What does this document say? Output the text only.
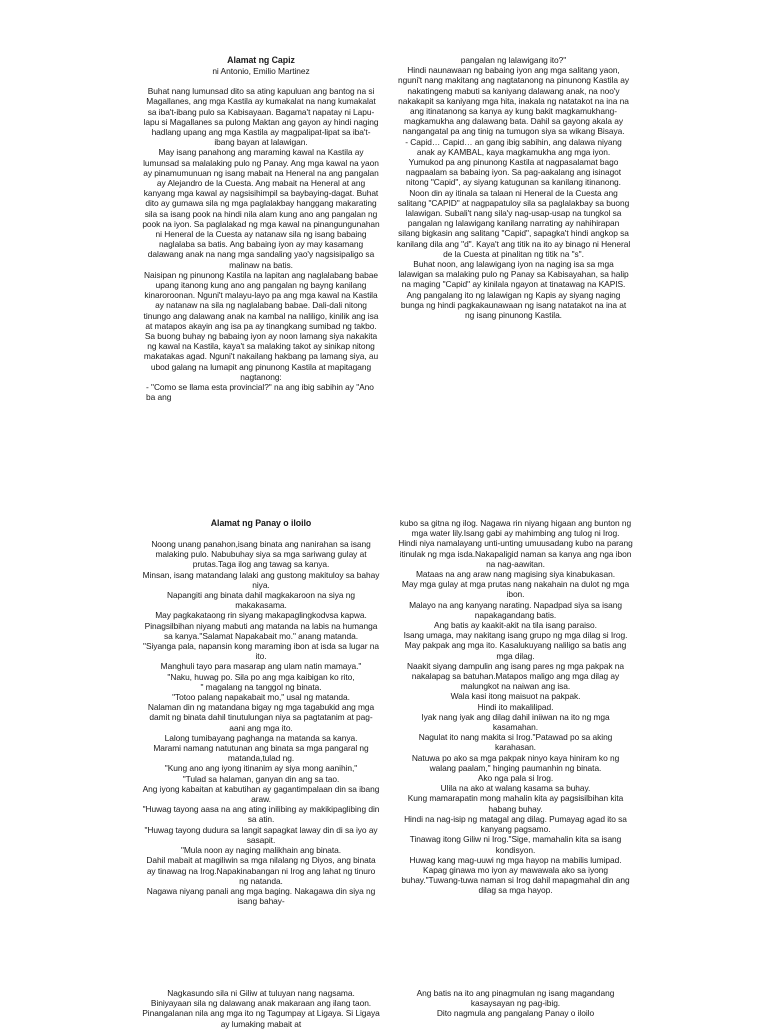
Alamat ng Capiz

ni Antonio, Emilio Martinez

Buhat nang lumunsad dito sa ating kapuluan ang bantog na si Magallanes, ang mga Kastila ay kumakalat na nang kumakalat sa iba't-ibang pulo sa Kabisayaan. Bagama't napatay ni Lapu-lapu si Magallanes sa pulong Maktan ang gayon ay hindi naging hadlang upang ang mga Kastila ay magpalipat-lipat sa iba't-ibang bayan at lalawigan.

May isang panahong ang maraming kawal na Kastila ay lumunsad sa malalaking pulo ng Panay. Ang mga kawal na yaon ay pinamumunuan ng isang mabait na Heneral na ang pangalan ay Alejandro de la Cuesta. Ang mabait na Heneral at ang kanyang mga kawal ay nagsisihimpil sa baybaying-dagat. Buhat dito ay gumawa sila ng mga paglalakbay hanggang makarating sila sa isang pook na hindi nila alam kung ano ang pangalan ng pook na iyon. Sa paglalakad ng mga kawal na pinangungunahan ni Heneral de la Cuesta ay natanaw sila ng isang babaing naglalaba sa batis. Ang babaing iyon ay may kasamang dalawang anak na nang mga sandaling yao'y nagsisipaligo sa malinaw na batis.

Naisipan ng pinunong Kastila na lapitan ang naglalabang babae upang itanong kung ano ang pangalan ng bayng kanilang kinaroroonan. Nguni't malayu-layo pa ang mga kawal na Kastila ay natanaw na sila ng naglalabang babae. Dali-dali nitong tinungo ang dalawang anak na kambal na naliligo, kinilik ang isa at matapos akayin ang isa pa ay tinangkang sumibad ng takbo. Sa buong buhay ng babaing iyon ay noon lamang siya nakakita ng kawal na Kastila, kaya't sa malaking takot ay sinikap nitong makatakas agad. Nguni't nakailang hakbang pa lamang siya, au ubod galang na lumapit ang pinunong Kastila at mapitagang nagtanong:

- "Como se llama esta provincial?" na ang ibig sabihin ay "Ano ba ang

pangalan ng lalawigang ito?"

Hindi naunawaan ng babaing iyon ang mga salitang yaon, nguni't nang makitang ang nagtatanong na pinunong Kastila ay nakatingeng mabuti sa kaniyang dalawang anak, na noo'y nakakapit sa kaniyang mga hita, inakala ng natatakot na ina na ang itinatanong sa kanya ay kung bakit magkamukhang-magkamukha ang dalawang bata. Dahil sa gayong akala ay nangangatal pa ang tinig na tumugon siya sa wikang Bisaya.

- Capid… Capid… an gang ibig sabihin, ang dalawa niyang anak ay KAMBAL, kaya magkamukha ang mga iyon.

Yumukod pa ang pinunong Kastila at nagpasalamat bago nagpaalam sa babaing iyon. Sa pag-aakalang ang isinagot nitong "Capid", ay siyang katugunan sa kanilang itinanong.

Noon din ay itinala sa talaan ni Heneral de la Cuesta ang salitang "CAPID" at nagpapatuloy sila sa paglalakbay sa buong lalawigan. Subali't nang sila'y nag-usap-usap na tungkol sa pangalan ng lalawigang kanilang narrating ay nahihirapan silang bigkasin ang salitang "Capid", sapagka't hindi angkop sa kanilang dila ang "d". Kaya't ang titik na ito ay binago ni Heneral de la Cuesta at pinalitan ng titik na "s".

Buhat noon, ang lalawigang iyon na naging isa sa mga lalawigan sa malaking pulo ng Panay sa Kabisayahan, sa halip na maging "Capid" ay kinilala ngayon at tinatawag na KAPIS. Ang pangalang ito ng lalawigan ng Kapis ay siyang naging bunga ng hindi pagkakaunawaan ng isang natatakot na ina at ng isang pinunong Kastila.

Alamat ng Panay o iloilo

Noong unang panahon,isang binata ang nanirahan sa isang malaking pulo. Nabubuhay siya sa mga sariwang gulay at prutas.Taga ilog ang tawag sa kanya.

Minsan, isang matandang lalaki ang gustong makituloy sa bahay niya.

Napangiti ang binata dahil magkakaroon na siya ng makakasama.

May pagkakataong rin siyang makapaglingkodvsa kapwa. Pinagsilbihan niyang mabuti ang matanda na labis na humanga sa kanya."Salamat Napakabait mo." anang matanda.

"Siyanga pala, napansin kong maraming ibon at isda sa lugar na ito.

Manghuli tayo para masarap ang ulam natin mamaya."

"Naku, huwag po. Sila po ang mga kaibigan ko rito,

" magalang na tanggol ng binata.

"Totoo palang napakabait mo," usal ng matanda.

Nalaman din ng matandana bigay ng mga tagabukid ang mga damit ng binata dahil tinutulungan niya sa pagtatanim at pag-aani ang mga ito.

Lalong tumibayang paghanga na matanda sa kanya.

Marami namang natutunan ang binata sa mga pangaral ng matanda,tulad ng.

"Kung ano ang iyong itinanim ay siya mong aanihin,"

"Tulad sa halaman, ganyan din ang sa tao.

Ang iyong kabaitan at kabutihan ay gagantimpalaan din sa ibang araw.

"Huwag tayong aasa na ang ating inilibing ay makikipaglibing din sa atin.

"Huwag tayong dudura sa langit sapagkat laway din di sa iyo ay sasapit.

"Mula noon ay naging malikhain ang binata.

Dahil mabait at magiliwin sa mga nilalang ng Diyos, ang binata ay tinawag na Irog.Napakinabangan ni Irog ang lahat ng tinuro ng natanda.

Nagawa niyang panali ang mga baging. Nakagawa din siya ng isang bahay-

kubo sa gitna ng ilog. Nagawa rin niyang higaan ang bunton ng mga water lily.Isang gabi ay mahimbing ang tulog ni Irog.

Hindi niya namalayang unti-unting umuusadang kubo na parang itinulak ng mga isda.Nakapaligid naman sa kanya ang nga ibon na nag-aawitan.

Mataas na ang araw nang magising siya kinabukasan.

May mga gulay at mga prutas nang nakahain na dulot ng mga ibon.

Malayo na ang kanyang narating. Napadpad siya sa isang napakagandang batis.

Ang batis ay kaakit-akit na tila isang paraiso.

Isang umaga, may nakitang isang grupo ng mga dilag si Irog.

May pakpak ang mga ito. Kasalukuyang naliligo sa batis ang mga dilag.

Naakit siyang dampulin ang isang pares ng mga pakpak na nakalapag sa batuhan.Matapos maligo ang mga dilag ay malungkot na naiwan ang isa.

Wala kasi itong maisuot na pakpak.

Hindi ito makalilipad.

Iyak nang iyak ang dilag dahil iniiwan na ito ng mga kasamahan.

Nagulat ito nang makita si Irog."Patawad po sa aking karahasan.

Natuwa po ako sa mga pakpak ninyo kaya hiniram ko ng walang paalam," hinging paumanhin ng binata.

Ako nga pala si Irog.

Ulila na ako at walang kasama sa buhay.

Kung mamarapatin mong mahalin kita ay pagsisilbihan kita habang buhay.

Hindi na nag-isip ng matagal ang dilag. Pumayag agad ito sa kanyang pagsamo.

Tinawag itong Giliw ni Irog."Sige, mamahalin kita sa isang kondisyon.

Huwag kang mag-uuwi ng mga hayop na mabilis lumipad.

Kapag ginawa mo iyon ay mawawala ako sa iyong buhay."Tuwang-tuwa naman si Irog dahil mapagmahal din ang dilag sa mga hayop.

Nagkasundo sila ni Giliw at tuluyan nang nagsama.

Biniyayaan sila ng dalawang anak makaraan ang ilang taon. Pinangalanan nila ang mga ito ng Tagumpay at Ligaya. Si Ligaya ay lumaking mabait at

Ang batis na ito ang pinagmulan ng isang magandang kasaysayan ng pag-ibig.

Dito nagmula ang pangalang Panay o iloilo
